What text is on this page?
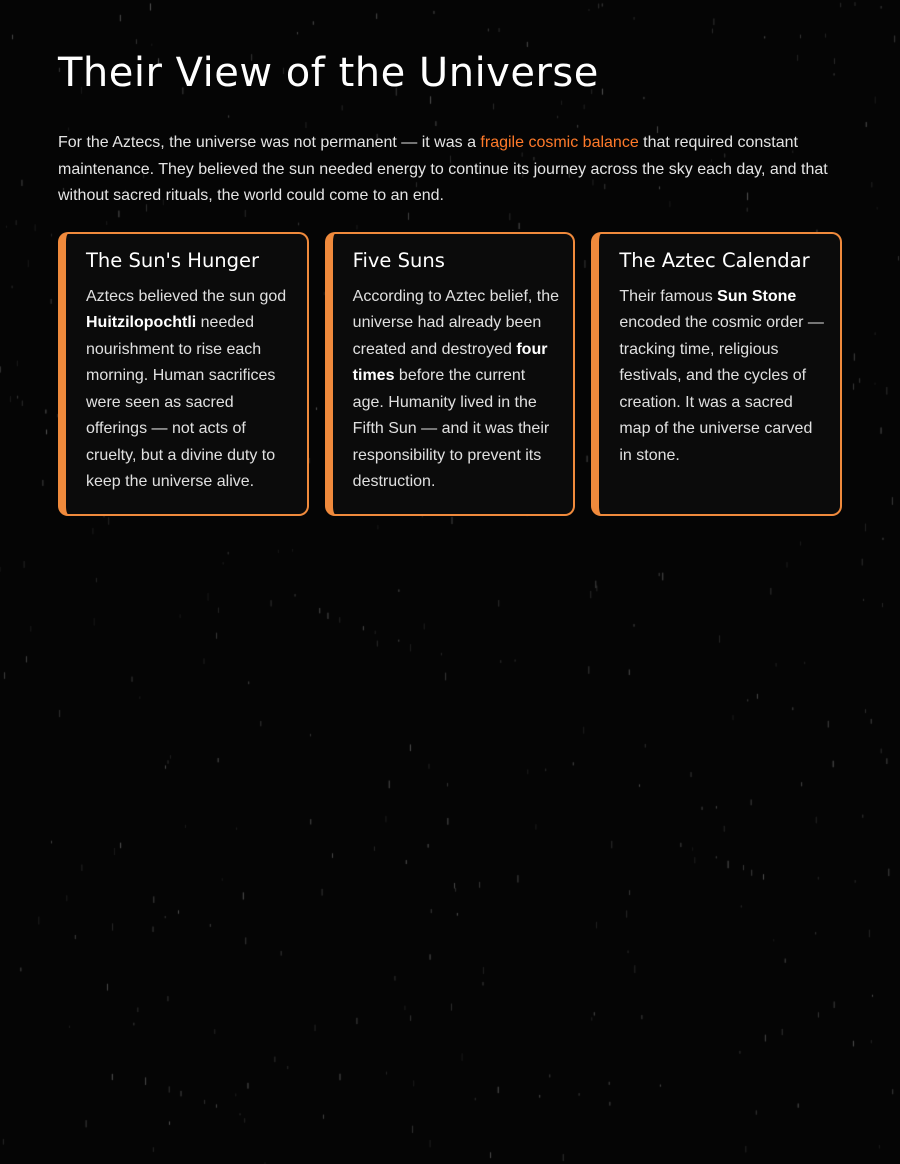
Their View of the Universe

For the Aztecs, the universe was not permanent — it was a fragile cosmic balance that required constant maintenance. They believed the sun needed energy to continue its journey across the sky each day, and that without sacred rituals, the world could come to an end.

The Sun's Hunger

Aztecs believed the sun god Huitzilopochtli needed nourishment to rise each morning. Human sacrifices were seen as sacred offerings — not acts of cruelty, but a divine duty to keep the universe alive.

Five Suns

According to Aztec belief, the universe had already been created and destroyed four times before the current age. Humanity lived in the Fifth Sun — and it was their responsibility to prevent its destruction.

The Aztec Calendar

Their famous Sun Stone encoded the cosmic order — tracking time, religious festivals, and the cycles of creation. It was a sacred map of the universe carved in stone.
